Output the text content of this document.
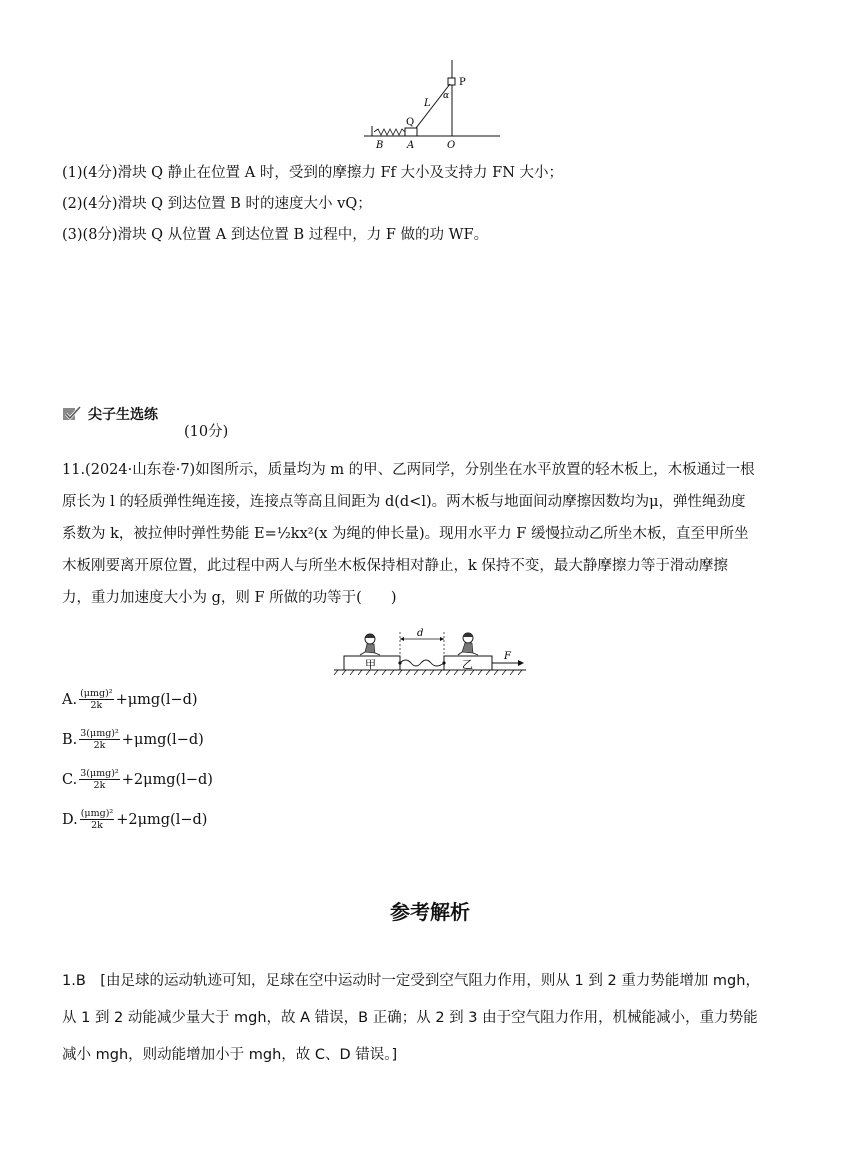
P
α
L
Q
B A	O
(1)(4分)滑块 Q 静止在位置 A 时，受到的摩擦力 Ff 大小及支持力 FN 大小；
(2)(4分)滑块 Q 到达位置 B 时的速度大小 vQ；
(3)(8分)滑块 Q 从位置 A 到达位置 B 过程中，力 F 做的功 WF。
尖子生选练
(10分)
11.(2024·山东卷·7)如图所示，质量均为 m 的甲、乙两同学，分别坐在水平放置的轻木板上，木板通过一根
原长为 l 的轻质弹性绳连接，连接点等高且间距为 d(d<l)。两木板与地面间动摩擦因数均为μ，弹性绳劲度
系数为 k，被拉伸时弹性势能 E=½kx²(x 为绳的伸长量)。现用水平力 F 缓慢拉动乙所坐木板，直至甲所坐
木板刚要离开原位置，此过程中两人与所坐木板保持相对静止，k 保持不变，最大静摩擦力等于滑动摩擦
力，重力加速度大小为 g，则 F 所做的功等于(　　)
d
甲	乙
F
A. $\frac{\text{(μmg)²}}{2k} +\mu mg(l-d)$
B. $\frac{\text{3(μmg)²}}{2k} +\mu mg(l-d)$
C. $\frac{\text{3(μmg)²}}{2k} +2\mu mg(l-d)$
D. $\frac{\text{(μmg)²}}{2k} +2\mu mg(l-d)$
参考解析
1.B　[由足球的运动轨迹可知，足球在空中运动时一定受到空气阻力作用，则从 1 到 2 重力势能增加 mgh，
从 1 到 2 动能减少量大于 mgh，故 A 错误，B 正确；从 2 到 3 由于空气阻力作用，机械能减小，重力势能
减小 mgh，则动能增加小于 mgh，故 C、D 错误。]
